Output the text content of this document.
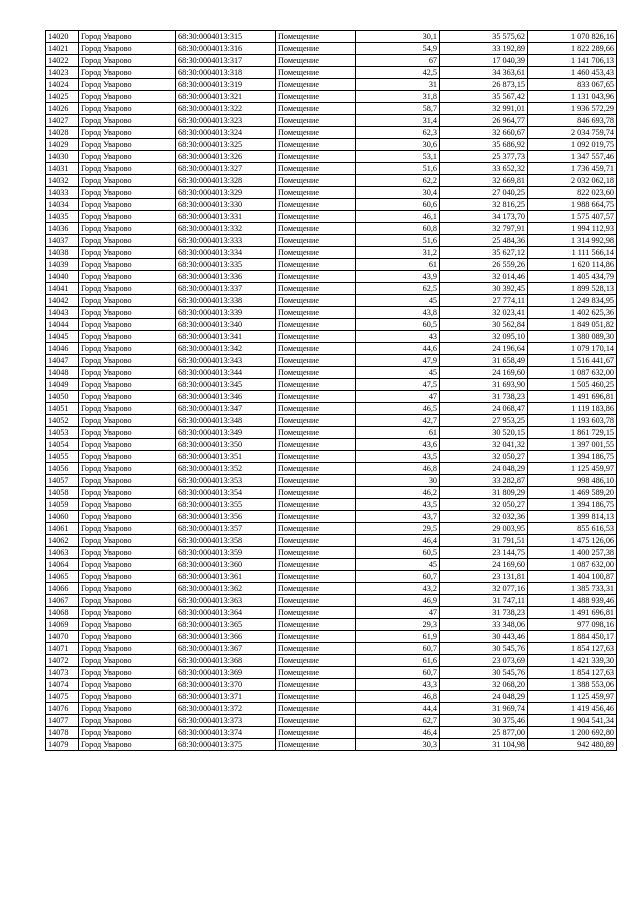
14020	Город Уварово	68:30:0004013:315	Помещение	30,1	35 575,62	1 070 826,16
14021	Город Уварово	68:30:0004013:316	Помещение	54,9	33 192,89	1 822 289,66
14022	Город Уварово	68:30:0004013:317	Помещение	67	17 040,39	1 141 706,13
14023	Город Уварово	68:30:0004013:318	Помещение	42,5	34 363,61	1 460 453,43
14024	Город Уварово	68:30:0004013:319	Помещение	31	26 873,15	833 067,65
14025	Город Уварово	68:30:0004013:321	Помещение	31,8	35 567,42	1 131 043,96
14026	Город Уварово	68:30:0004013:322	Помещение	58,7	32 991,01	1 936 572,29
14027	Город Уварово	68:30:0004013:323	Помещение	31,4	26 964,77	846 693,78
14028	Город Уварово	68:30:0004013:324	Помещение	62,3	32 660,67	2 034 759,74
14029	Город Уварово	68:30:0004013:325	Помещение	30,6	35 686,92	1 092 019,75
14030	Город Уварово	68:30:0004013:326	Помещение	53,1	25 377,73	1 347 557,46
14031	Город Уварово	68:30:0004013:327	Помещение	51,6	33 652,32	1 736 459,71
14032	Город Уварово	68:30:0004013:328	Помещение	62,2	32 669,81	2 032 062,18
14033	Город Уварово	68:30:0004013:329	Помещение	30,4	27 040,25	822 023,60
14034	Город Уварово	68:30:0004013:330	Помещение	60,6	32 816,25	1 988 664,75
14035	Город Уварово	68:30:0004013:331	Помещение	46,1	34 173,70	1 575 407,57
14036	Город Уварово	68:30:0004013:332	Помещение	60,8	32 797,91	1 994 112,93
14037	Город Уварово	68:30:0004013:333	Помещение	51,6	25 484,36	1 314 992,98
14038	Город Уварово	68:30:0004013:334	Помещение	31,2	35 627,12	1 111 566,14
14039	Город Уварово	68:30:0004013:335	Помещение	61	26 559,26	1 620 114,86
14040	Город Уварово	68:30:0004013:336	Помещение	43,9	32 014,46	1 405 434,79
14041	Город Уварово	68:30:0004013:337	Помещение	62,5	30 392,45	1 899 528,13
14042	Город Уварово	68:30:0004013:338	Помещение	45	27 774,11	1 249 834,95
14043	Город Уварово	68:30:0004013:339	Помещение	43,8	32 023,41	1 402 625,36
14044	Город Уварово	68:30:0004013:340	Помещение	60,5	30 562,84	1 849 051,82
14045	Город Уварово	68:30:0004013:341	Помещение	43	32 095,10	1 380 089,30
14046	Город Уварово	68:30:0004013:342	Помещение	44,6	24 196,64	1 079 170,14
14047	Город Уварово	68:30:0004013:343	Помещение	47,9	31 658,49	1 516 441,67
14048	Город Уварово	68:30:0004013:344	Помещение	45	24 169,60	1 087 632,00
14049	Город Уварово	68:30:0004013:345	Помещение	47,5	31 693,90	1 505 460,25
14050	Город Уварово	68:30:0004013:346	Помещение	47	31 738,23	1 491 696,81
14051	Город Уварово	68:30:0004013:347	Помещение	46,5	24 068,47	1 119 183,86
14052	Город Уварово	68:30:0004013:348	Помещение	42,7	27 953,25	1 193 603,78
14053	Город Уварово	68:30:0004013:349	Помещение	61	30 520,15	1 861 729,15
14054	Город Уварово	68:30:0004013:350	Помещение	43,6	32 041,32	1 397 001,55
14055	Город Уварово	68:30:0004013:351	Помещение	43,5	32 050,27	1 394 186,75
14056	Город Уварово	68:30:0004013:352	Помещение	46,8	24 048,29	1 125 459,97
14057	Город Уварово	68:30:0004013:353	Помещение	30	33 282,87	998 486,10
14058	Город Уварово	68:30:0004013:354	Помещение	46,2	31 809,29	1 469 589,20
14059	Город Уварово	68:30:0004013:355	Помещение	43,5	32 050,27	1 394 186,75
14060	Город Уварово	68:30:0004013:356	Помещение	43,7	32 032,36	1 399 814,13
14061	Город Уварово	68:30:0004013:357	Помещение	29,5	29 003,95	855 616,53
14062	Город Уварово	68:30:0004013:358	Помещение	46,4	31 791,51	1 475 126,06
14063	Город Уварово	68:30:0004013:359	Помещение	60,5	23 144,75	1 400 257,38
14064	Город Уварово	68:30:0004013:360	Помещение	45	24 169,60	1 087 632,00
14065	Город Уварово	68:30:0004013:361	Помещение	60,7	23 131,81	1 404 100,87
14066	Город Уварово	68:30:0004013:362	Помещение	43,2	32 077,16	1 385 733,31
14067	Город Уварово	68:30:0004013:363	Помещение	46,9	31 747,11	1 488 939,46
14068	Город Уварово	68:30:0004013:364	Помещение	47	31 738,23	1 491 696,81
14069	Город Уварово	68:30:0004013:365	Помещение	29,3	33 348,06	977 098,16
14070	Город Уварово	68:30:0004013:366	Помещение	61,9	30 443,46	1 884 450,17
14071	Город Уварово	68:30:0004013:367	Помещение	60,7	30 545,76	1 854 127,63
14072	Город Уварово	68:30:0004013:368	Помещение	61,6	23 073,69	1 421 339,30
14073	Город Уварово	68:30:0004013:369	Помещение	60,7	30 545,76	1 854 127,63
14074	Город Уварово	68:30:0004013:370	Помещение	43,3	32 068,20	1 388 553,06
14075	Город Уварово	68:30:0004013:371	Помещение	46,8	24 048,29	1 125 459,97
14076	Город Уварово	68:30:0004013:372	Помещение	44,4	31 969,74	1 419 456,46
14077	Город Уварово	68:30:0004013:373	Помещение	62,7	30 375,46	1 904 541,34
14078	Город Уварово	68:30:0004013:374	Помещение	46,4	25 877,00	1 200 692,80
14079	Город Уварово	68:30:0004013:375	Помещение	30,3	31 104,98	942 480,89
